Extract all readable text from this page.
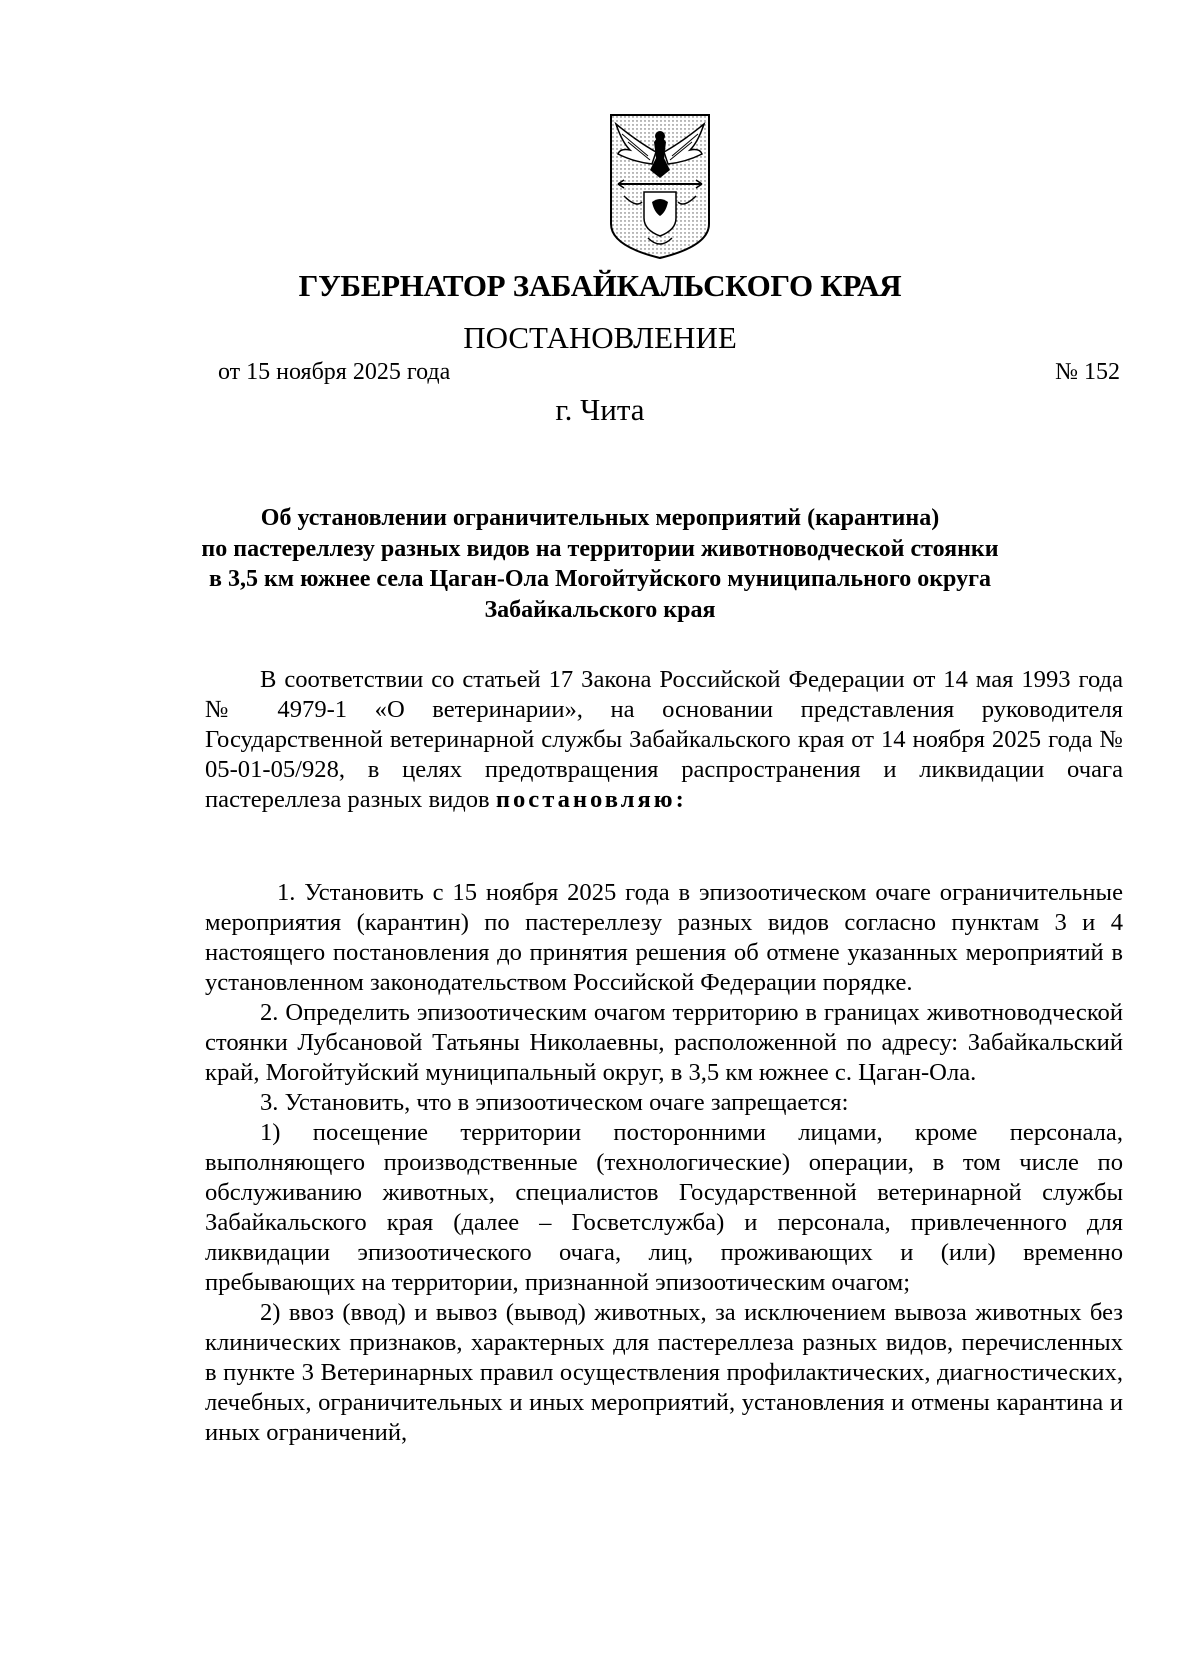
ГУБЕРНАТОР ЗАБАЙКАЛЬСКОГО КРАЯ
ПОСТАНОВЛЕНИЕ
от 15 ноября 2025 года	№ 152
г. Чита
Об установлении ограничительных мероприятий (карантина)
по пастереллезу разных видов на территории животноводческой стоянки
в 3,5 км южнее села Цаган-Ола Могойтуйского муниципального округа
Забайкальского края

В соответствии со статьей 17 Закона Российской Федерации от 14 мая 1993 года № 4979-1 «О ветеринарии», на основании представления руководителя Государственной ветеринарной службы Забайкальского края от 14 ноября 2025 года № 05-01-05/928, в целях предотвращения распространения и ликвидации очага пастереллеза разных видов постановляю:

1. Установить с 15 ноября 2025 года в эпизоотическом очаге ограничительные мероприятия (карантин) по пастереллезу разных видов согласно пунктам 3 и 4 настоящего постановления до принятия решения об отмене указанных мероприятий в установленном законодательством Российской Федерации порядке.

2. Определить эпизоотическим очагом территорию в границах животноводческой стоянки Лубсановой Татьяны Николаевны, расположенной по адресу: Забайкальский край, Могойтуйский муниципальный округ, в 3,5 км южнее с. Цаган-Ола.

3. Установить, что в эпизоотическом очаге запрещается:

1) посещение территории посторонними лицами, кроме персонала, выполняющего производственные (технологические) операции, в том числе по обслуживанию животных, специалистов Государственной ветеринарной службы Забайкальского края (далее – Госветслужба) и персонала, привлеченного для ликвидации эпизоотического очага, лиц, проживающих и (или) временно пребывающих на территории, признанной эпизоотическим очагом;

2) ввоз (ввод) и вывоз (вывод) животных, за исключением вывоза животных без клинических признаков, характерных для пастереллеза разных видов, перечисленных в пункте 3 Ветеринарных правил осуществления профилактических, диагностических, лечебных, ограничительных и иных мероприятий, установления и отмены карантина и иных ограничений,
